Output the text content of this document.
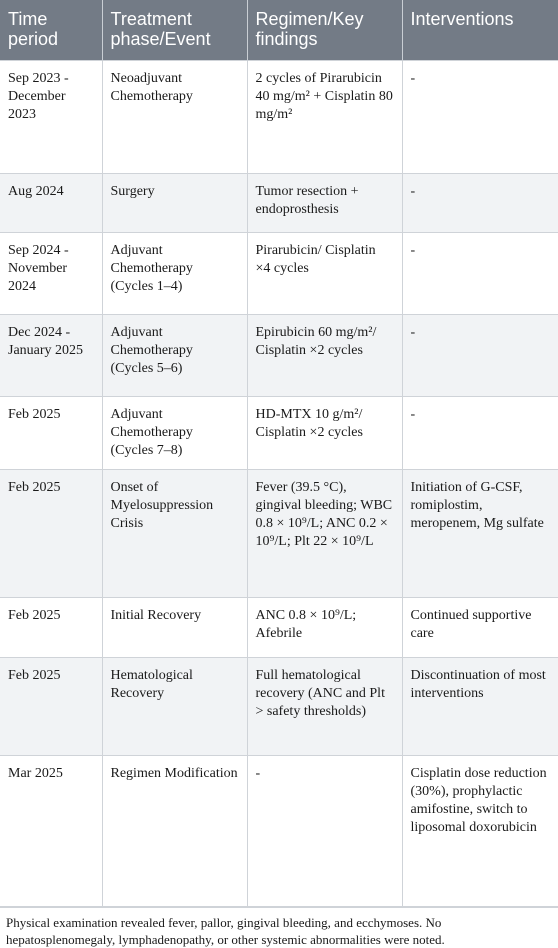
Time period	Treatment phase/Event	Regimen/Key findings	Interventions
Sep 2023 - December 2023	Neoadjuvant Chemotherapy	2 cycles of Pirarubicin 40 mg/m² + Cisplatin 80 mg/m²	-
Aug 2024	Surgery	Tumor resection + endoprosthesis	-
Sep 2024 - November 2024	Adjuvant Chemotherapy (Cycles 1–4)	Pirarubicin/ Cisplatin ×4 cycles	-
Dec 2024 - January 2025	Adjuvant Chemotherapy (Cycles 5–6)	Epirubicin 60 mg/m²/ Cisplatin ×2 cycles	-
Feb 2025	Adjuvant Chemotherapy (Cycles 7–8)	HD-MTX 10 g/m²/ Cisplatin ×2 cycles	-
Feb 2025	Onset of Myelosuppression Crisis	Fever (39.5 °C), gingival bleeding; WBC 0.8 × 10⁹/L; ANC 0.2 × 10⁹/L; Plt 22 × 10⁹/L	Initiation of G-CSF, romiplostim, meropenem, Mg sulfate
Feb 2025	Initial Recovery	ANC 0.8 × 10⁹/L; Afebrile	Continued supportive care
Feb 2025	Hematological Recovery	Full hematological recovery (ANC and Plt > safety thresholds)	Discontinuation of most interventions
Mar 2025	Regimen Modification	-	Cisplatin dose reduction (30%), prophylactic amifostine, switch to liposomal doxorubicin
Physical examination revealed fever, pallor, gingival bleeding, and ecchymoses. No hepatosplenomegaly, lymphadenopathy, or other systemic abnormalities were noted.
